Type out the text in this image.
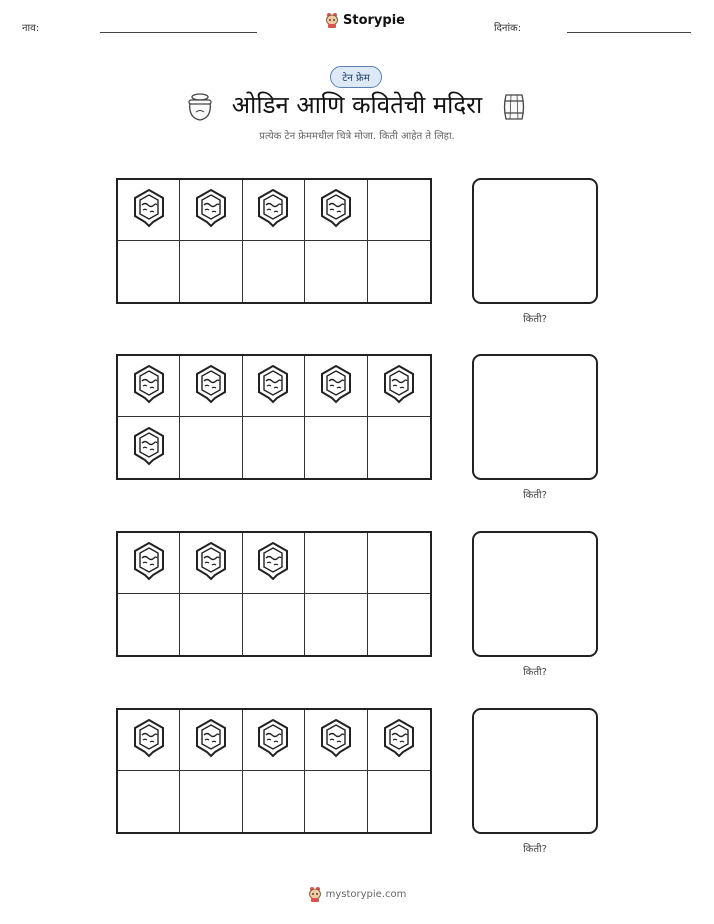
नाव:
Storypie
दिनांक:
टेन फ्रेम
ओडिन आणि कवितेची मदिरा
प्रत्येक टेन फ्रेममधील चित्रे मोजा. किती आहेत ते लिहा.
किती?
किती?
किती?
किती?
mystorypie.com
